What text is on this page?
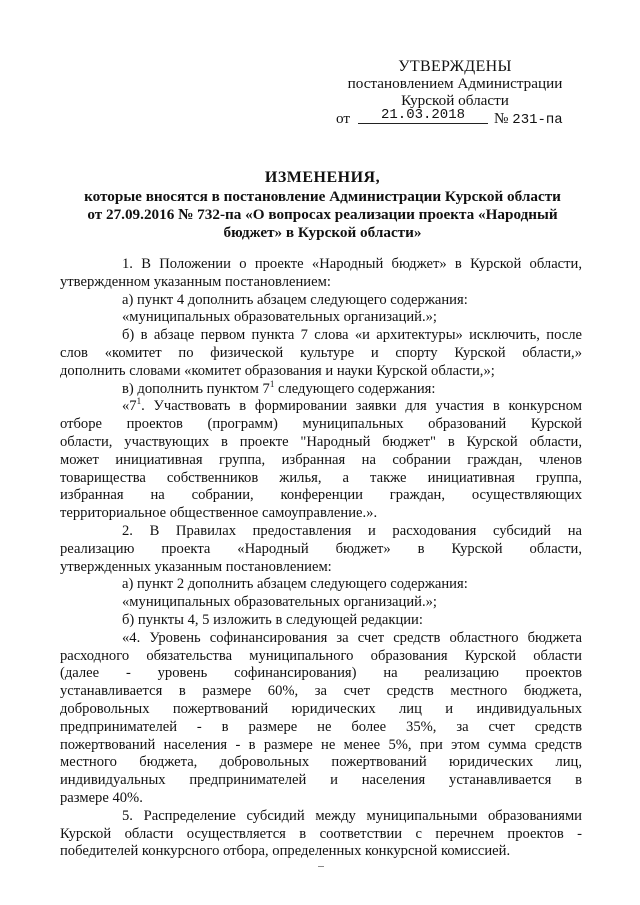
УТВЕРЖДЕНЫ
постановлением Администрации
Курской области
от	21.03.2018	№ 231-па
ИЗМЕНЕНИЯ,
которые вносятся в постановление Администрации Курской области
от 27.09.2016 № 732-па «О вопросах реализации проекта «Народный
бюджет» в Курской области»

1. В Положении о проекте «Народный бюджет» в Курской области,

утвержденном указанным постановлением:

а) пункт 4 дополнить абзацем следующего содержания:

«муниципальных образовательных организаций.»;

б) в абзаце первом пункта 7 слова «и архитектуры» исключить, после

слов «комитет по физической культуре и спорту Курской области,»

дополнить словами «комитет образования и науки Курской области,»;

в) дополнить пунктом $7^1$ следующего содержания:

«$7^1$. Участвовать в формировании заявки для участия в конкурсном

отборе проектов (программ) муниципальных образований Курской

области, участвующих в проекте "Народный бюджет" в Курской области,

может инициативная группа, избранная на собрании граждан, членов

товарищества собственников жилья, а также инициативная группа,

избранная на собрании, конференции граждан, осуществляющих

территориальное общественное самоуправление.».

2. В Правилах предоставления и расходования субсидий на

реализацию проекта «Народный бюджет» в Курской области,

утвержденных указанным постановлением:

а) пункт 2 дополнить абзацем следующего содержания:

«муниципальных образовательных организаций.»;

б) пункты 4, 5 изложить в следующей редакции:

«4. Уровень софинансирования за счет средств областного бюджета

расходного обязательства муниципального образования Курской области

(далее - уровень софинансирования) на реализацию проектов

устанавливается в размере 60%, за счет средств местного бюджета,

добровольных пожертвований юридических лиц и индивидуальных

предпринимателей - в размере не более 35%, за счет средств

пожертвований населения - в размере не менее 5%, при этом сумма средств

местного бюджета, добровольных пожертвований юридических лиц,

индивидуальных предпринимателей и населения устанавливается в

размере 40%.

5. Распределение субсидий между муниципальными образованиями

Курской области осуществляется в соответствии с перечнем проектов -

победителей конкурсного отбора, определенных конкурсной комиссией.
